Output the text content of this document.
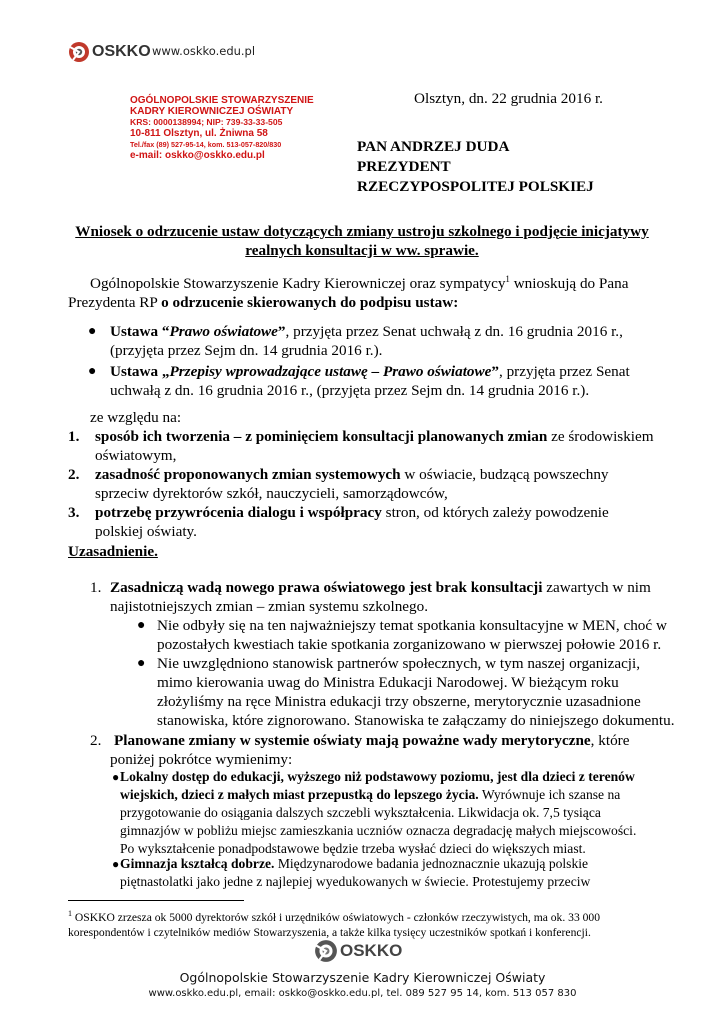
OSKKO www.oskko.edu.pl
OGÓLNOPOLSKIE STOWARZYSZENIE
KADRY KIEROWNICZEJ OŚWIATY
KRS: 0000138994; NIP: 739-33-33-505
10-811 Olsztyn, ul. Żniwna 58
Tel./fax (89) 527-95-14, kom. 513-057-820/830
e-mail: oskko@oskko.edu.pl
Olsztyn, dn. 22 grudnia 2016 r.
PAN ANDRZEJ DUDA
PREZYDENT
RZECZYPOSPOLITEJ POLSKIEJ
Wniosek o odrzucenie ustaw dotyczących zmiany ustroju szkolnego i podjęcie inicjatywy
realnych konsultacji w ww. sprawie.
Ogólnopolskie Stowarzyszenie Kadry Kierowniczej oraz sympatycy$^1$ wnioskują do Pana
Prezydenta RP o odrzucenie skierowanych do podpisu ustaw:
● Ustawa “Prawo oświatowe”, przyjęta przez Senat uchwałą z dn. 16 grudnia 2016 r.,
(przyjęta przez Sejm dn. 14 grudnia 2016 r.).
● Ustawa „Przepisy wprowadzające ustawę – Prawo oświatowe”, przyjęta przez Senat
uchwałą z dn. 16 grudnia 2016 r., (przyjęta przez Sejm dn. 14 grudnia 2016 r.).
ze względu na:
1. sposób ich tworzenia – z pominięciem konsultacji planowanych zmian ze środowiskiem
oświatowym,
2. zasadność proponowanych zmian systemowych w oświacie, budzącą powszechny
sprzeciw dyrektorów szkół, nauczycieli, samorządowców,
3. potrzebę przywrócenia dialogu i współpracy stron, od których zależy powodzenie
polskiej oświaty.
Uzasadnienie.
1. Zasadniczą wadą nowego prawa oświatowego jest brak konsultacji zawartych w nim
najistotniejszych zmian – zmian systemu szkolnego.
● Nie odbyły się na ten najważniejszy temat spotkania konsultacyjne w MEN, choć w
pozostałych kwestiach takie spotkania zorganizowano w pierwszej połowie 2016 r.
● Nie uwzględniono stanowisk partnerów społecznych, w tym naszej organizacji,
mimo kierowania uwag do Ministra Edukacji Narodowej. W bieżącym roku
złożyliśmy na ręce Ministra edukacji trzy obszerne, merytorycznie uzasadnione
stanowiska, które zignorowano. Stanowiska te załączamy do niniejszego dokumentu.
2. Planowane zmiany w systemie oświaty mają poważne wady merytoryczne, które
poniżej pokrótce wymienimy:
● Lokalny dostęp do edukacji, wyższego niż podstawowy poziomu, jest dla dzieci z terenów
wiejskich, dzieci z małych miast przepustką do lepszego życia. Wyrównuje ich szanse na
przygotowanie do osiągania dalszych szczebli wykształcenia. Likwidacja ok. 7,5 tysiąca
gimnazjów w pobliżu miejsc zamieszkania uczniów oznacza degradację małych miejscowości.
Po wykształcenie ponadpodstawowe będzie trzeba wysłać dzieci do większych miast.
● Gimnazja kształcą dobrze. Międzynarodowe badania jednoznacznie ukazują polskie
piętnastolatki jako jedne z najlepiej wyedukowanych w świecie. Protestujemy przeciw
$^1$ OSKKO zrzesza ok 5000 dyrektorów szkół i urzędników oświatowych - członków rzeczywistych, ma ok. 33 000
korespondentów i czytelników mediów Stowarzyszenia, a także kilka tysięcy uczestników spotkań i konferencji.
OSKKO
Ogólnopolskie Stowarzyszenie Kadry Kierowniczej Oświaty
www.oskko.edu.pl, email: oskko@oskko.edu.pl, tel. 089 527 95 14, kom. 513 057 830
